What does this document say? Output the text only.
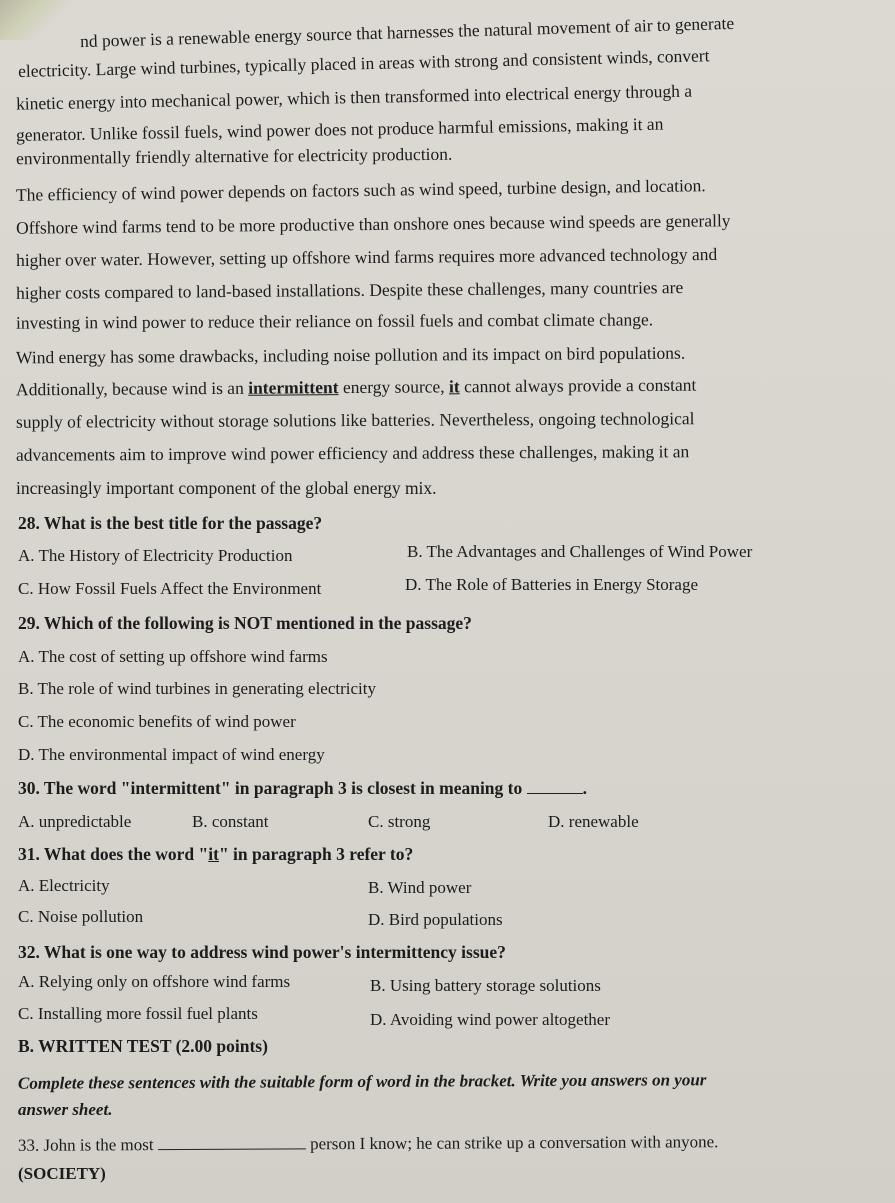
nd power is a renewable energy source that harnesses the natural movement of air to generate
electricity. Large wind turbines, typically placed in areas with strong and consistent winds, convert
kinetic energy into mechanical power, which is then transformed into electrical energy through a
generator. Unlike fossil fuels, wind power does not produce harmful emissions, making it an
environmentally friendly alternative for electricity production.
The efficiency of wind power depends on factors such as wind speed, turbine design, and location.
Offshore wind farms tend to be more productive than onshore ones because wind speeds are generally
higher over water. However, setting up offshore wind farms requires more advanced technology and
higher costs compared to land-based installations. Despite these challenges, many countries are
investing in wind power to reduce their reliance on fossil fuels and combat climate change.
Wind energy has some drawbacks, including noise pollution and its impact on bird populations.
Additionally, because wind is an intermittent energy source, it cannot always provide a constant
supply of electricity without storage solutions like batteries. Nevertheless, ongoing technological
advancements aim to improve wind power efficiency and address these challenges, making it an
increasingly important component of the global energy mix.
28. What is the best title for the passage?
A. The History of Electricity Production	B. The Advantages and Challenges of Wind Power
C. How Fossil Fuels Affect the Environment	D. The Role of Batteries in Energy Storage
29. Which of the following is NOT mentioned in the passage?
A. The cost of setting up offshore wind farms
B. The role of wind turbines in generating electricity
C. The economic benefits of wind power
D. The environmental impact of wind energy
30. The word "intermittent" in paragraph 3 is closest in meaning to	.
A. unpredictable	B. constant	C. strong	D. renewable
31. What does the word "it" in paragraph 3 refer to?
A. Electricity	B. Wind power
C. Noise pollution	D. Bird populations
32. What is one way to address wind power's intermittency issue?
A. Relying only on offshore wind farms	B. Using battery storage solutions
C. Installing more fossil fuel plants	D. Avoiding wind power altogether
B. WRITTEN TEST (2.00 points)
Complete these sentences with the suitable form of word in the bracket. Write you answers on your
answer sheet.
33. John is the most	person I know; he can strike up a conversation with anyone.
(SOCIETY)
